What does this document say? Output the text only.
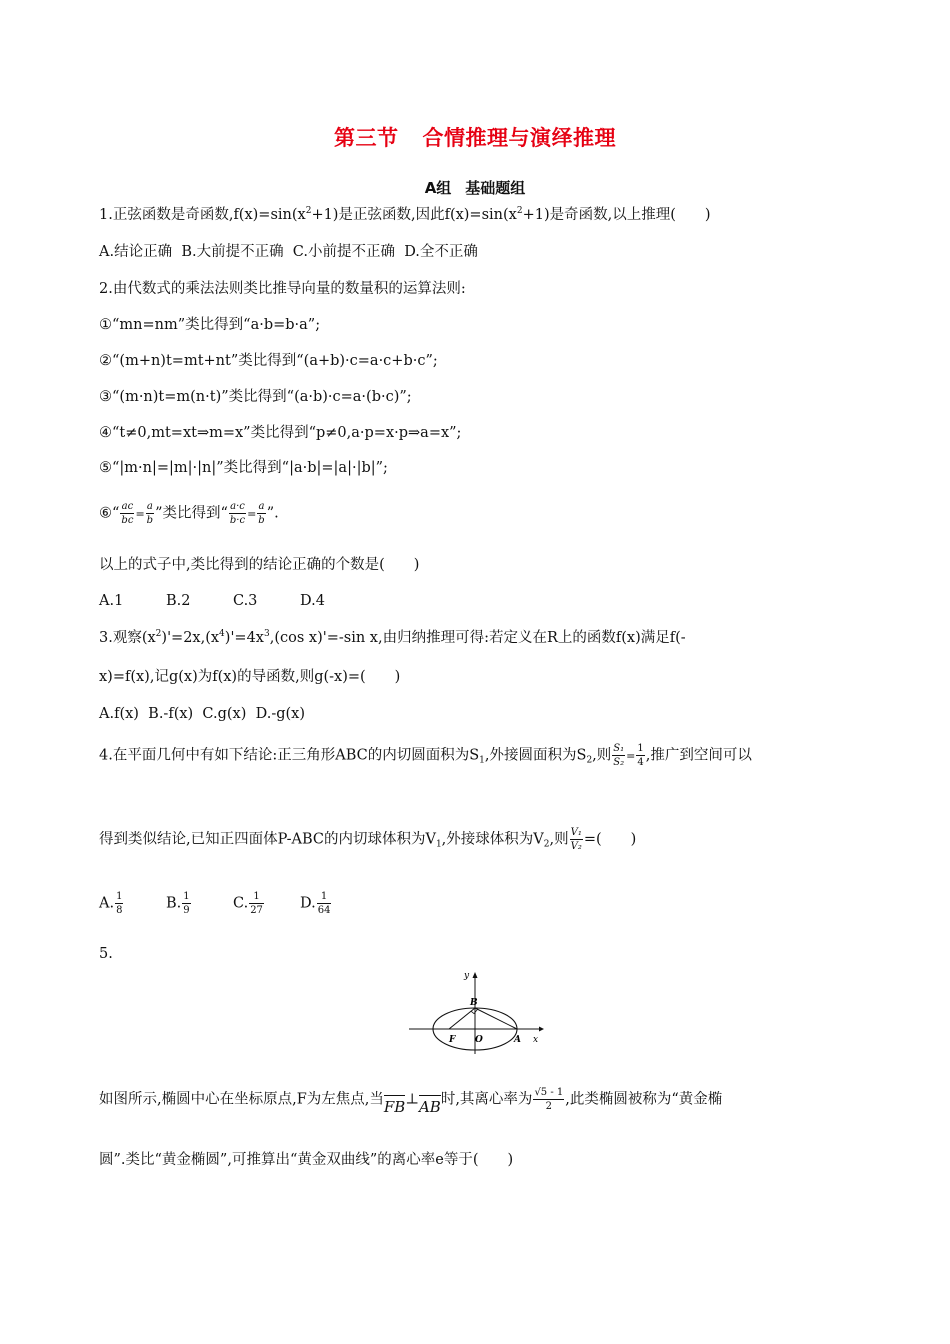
第三节 合情推理与演绎推理
A组 基础题组
1.正弦函数是奇函数$,f(x)=\sin(x^2+1)$是正弦函数,因此$f(x)=\sin(x^2+1)$是奇函数,以上推理(　　)
A.结论正确 B.大前提不正确 C.小前提不正确 D.全不正确
2.由代数式的乘法法则类比推导向量的数量积的运算法则:
①“mn=nm”类比得到“a·b=b·a”;
②“(m+n)t=mt+nt”类比得到“(a+b)·c=a·c+b·c”;
③“(m·n)t=m(n·t)”类比得到“(a·b)·c=a·(b·c)”;
④“t≠0,mt=xt⇒m=x”类比得到“p≠0,a·p=x·p⇒a=x”;
⑤“|m·n|=|m|·|n|”类比得到“|a·b|=|a|·|b|”;
⑥“ $\frac{ac}{bc} = \frac{a}{b}$ ”类比得到“ $\frac{a\cdot c}{b\cdot c} = \frac{a}{b}$ ”.
以上的式子中,类比得到的结论正确的个数是(　　)
A.1	B.2	C.3	D.4
3.观察$(x^2)'=2x,(x^4)'=4x^3,(\cos$ x)'=-sin x,由归纳推理可得:若定义在R上的函数f(x)满足f(-
x)=f(x),记g(x)为f(x)的导函数,则g(-x)=(　　)
A.f(x) B.-f(x) C.g(x) D.-g(x)
4.在平面几何中有如下结论:正三角形ABC的内切圆面积为$S_1$,外接圆面积为$S_2$,则 $\frac{\text{S₁}}{\text{S₂}} = \frac{1}{4}$ ,推广到空间可以
得到类似结论,已知正四面体P-ABC的内切球体积为$V_1$,外接球体积为$V_2$,则 $\frac{\text{V₁}}{\text{V₂}}$ =(　　)
A. $\frac{1}{8}$	B. $\frac{1}{9}$	C. $\frac{1}{27} D$. $\frac{1}{64}$
5.
y
x
B
F O	A
如图所示,椭圆中心在坐标原点,F为左焦点,当FB⊥AB时,其离心率为 $\frac{√5 - 1}{2}$ ,此类椭圆被称为“黄金椭
圆”.类比“黄金椭圆”,可推算出“黄金双曲线”的离心率e等于(　　)
